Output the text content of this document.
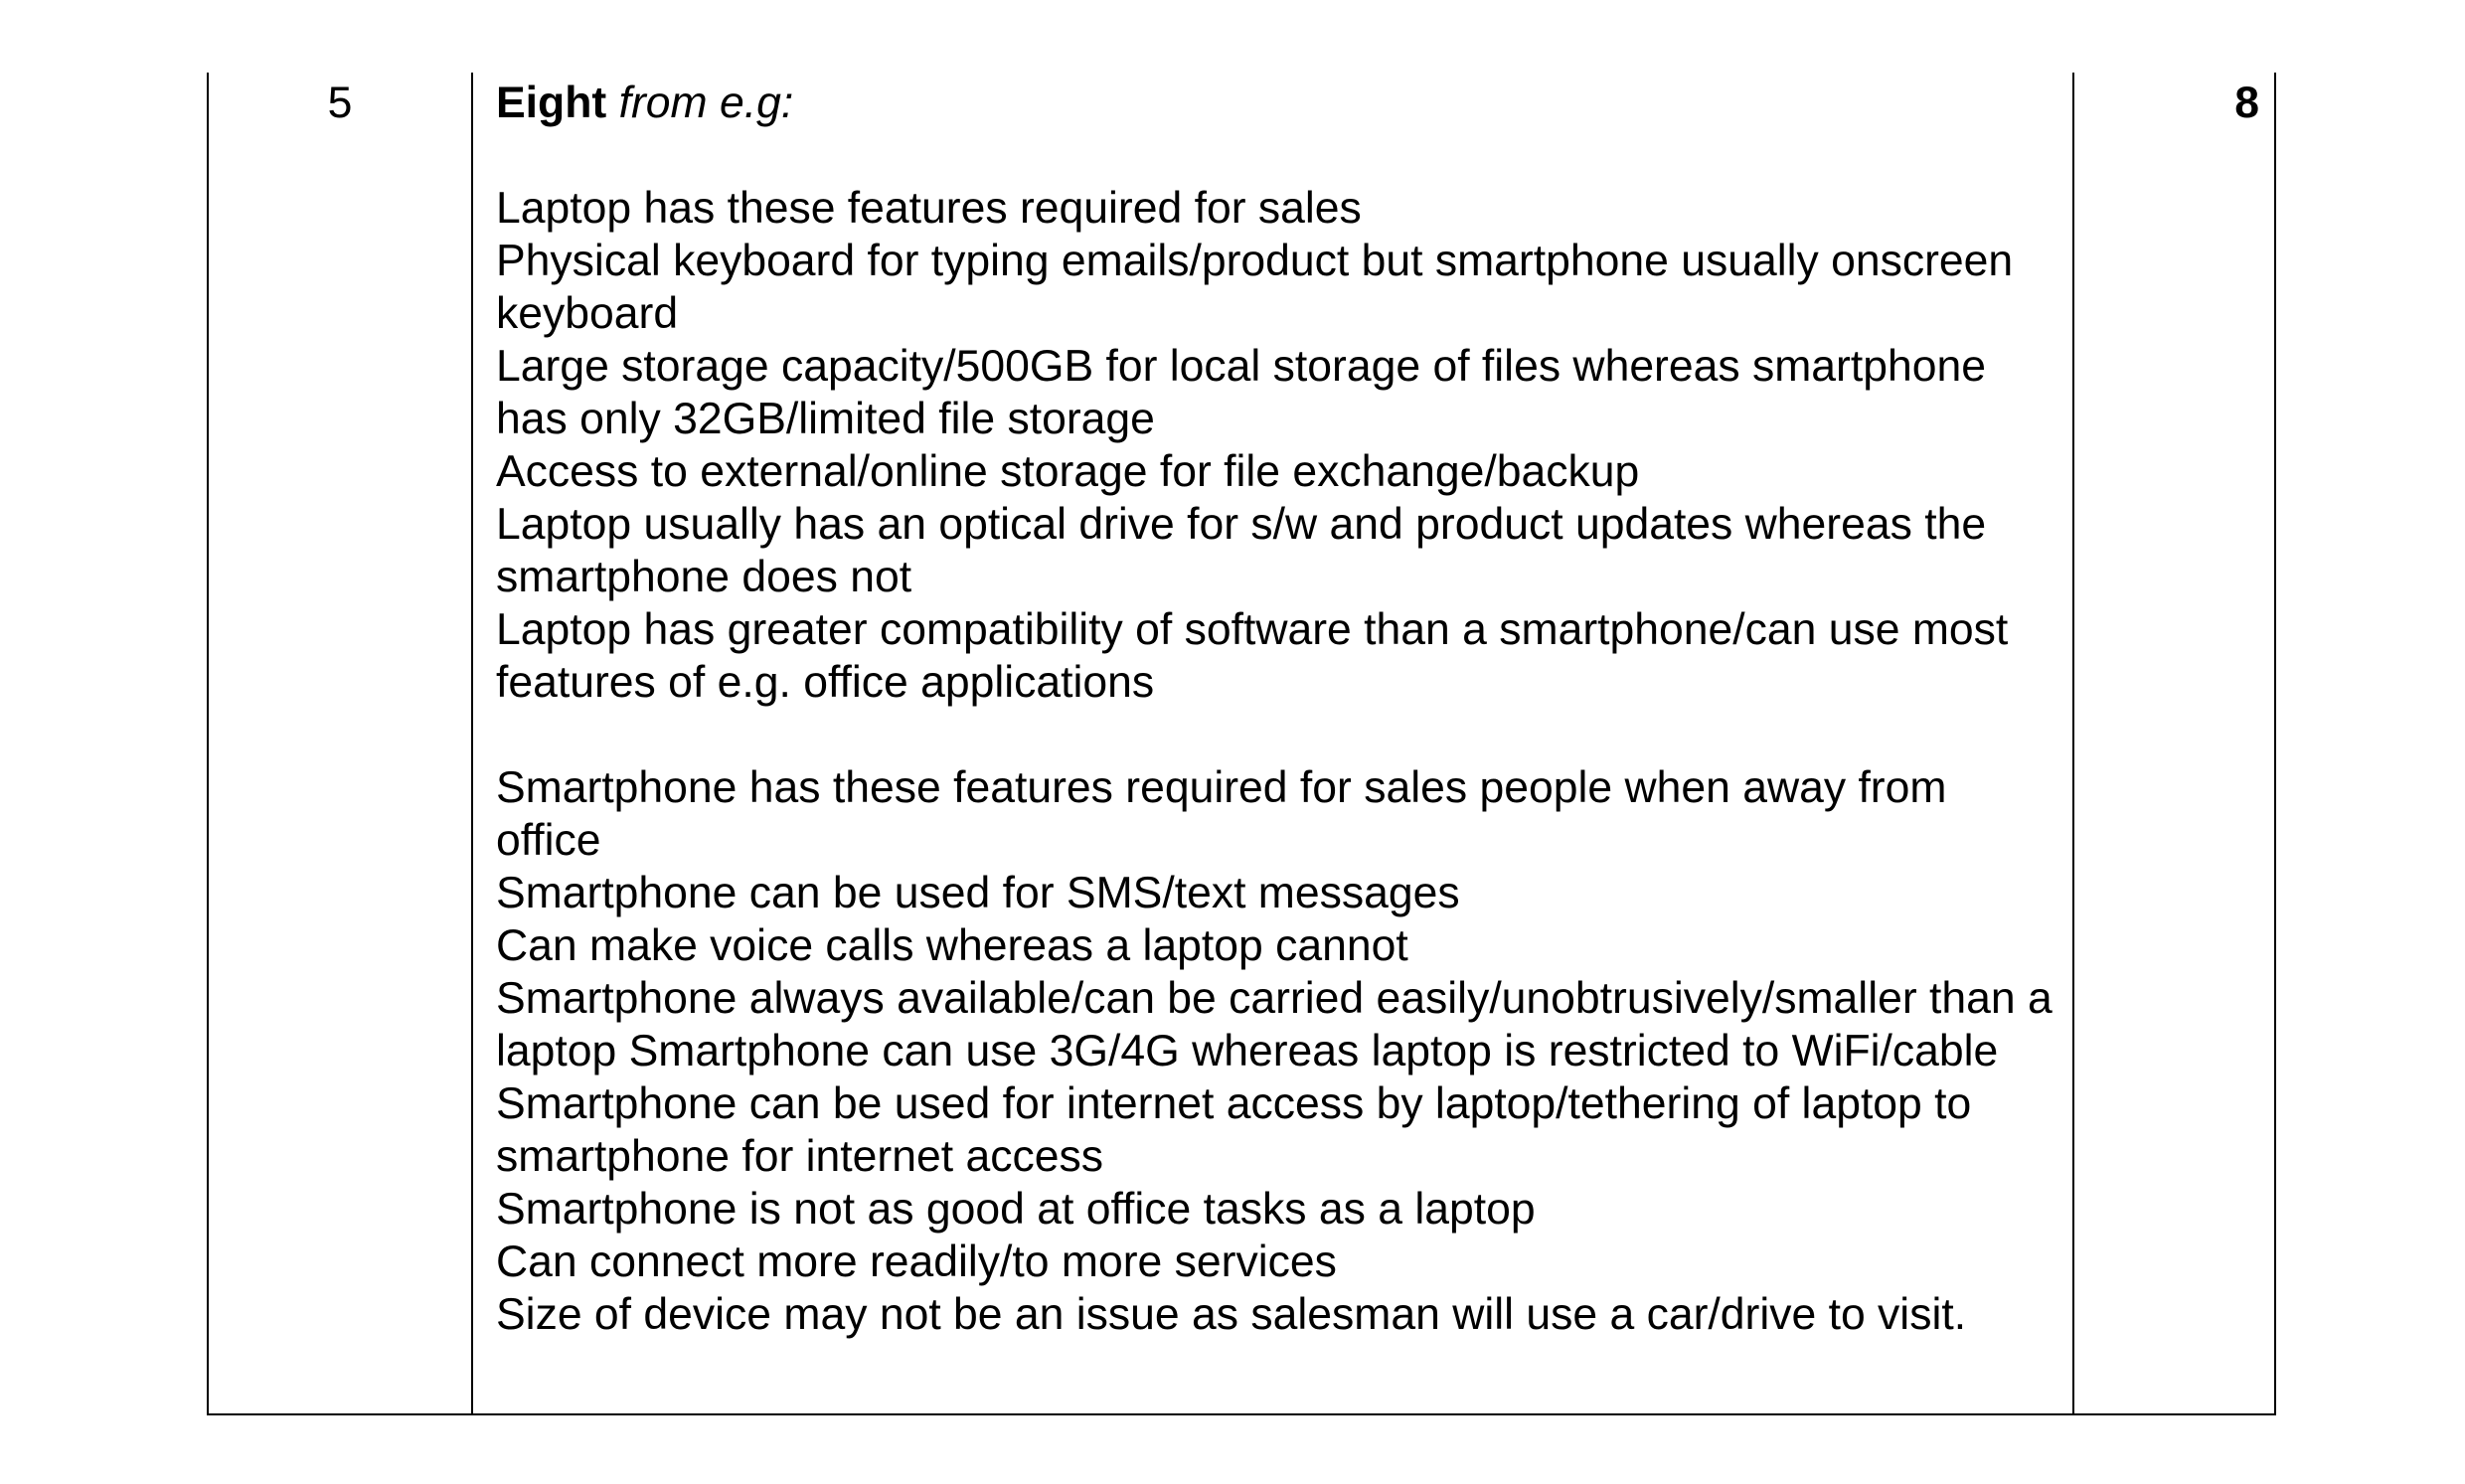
5	Eight from e.g:
Laptop has these features required for sales
Physical keyboard for typing emails/product but smartphone usually onscreen keyboard
Large storage capacity/500GB for local storage of files whereas smartphone has only 32GB/limited file storage
Access to external/online storage for file exchange/backup
Laptop usually has an optical drive for s/w and product updates whereas the smartphone does not
Laptop has greater compatibility of software than a smartphone/can use most features of e.g. office applications
Smartphone has these features required for sales people when away from office
Smartphone can be used for SMS/text messages
Can make voice calls whereas a laptop cannot
Smartphone always available/can be carried easily/unobtrusively/smaller than a laptop Smartphone can use 3G/4G whereas laptop is restricted to WiFi/cable
Smartphone can be used for internet access by laptop/tethering of laptop to smartphone for internet access
Smartphone is not as good at office tasks as a laptop
Can connect more readily/to more services
Size of device may not be an issue as salesman will use a car/drive to visit.
8
